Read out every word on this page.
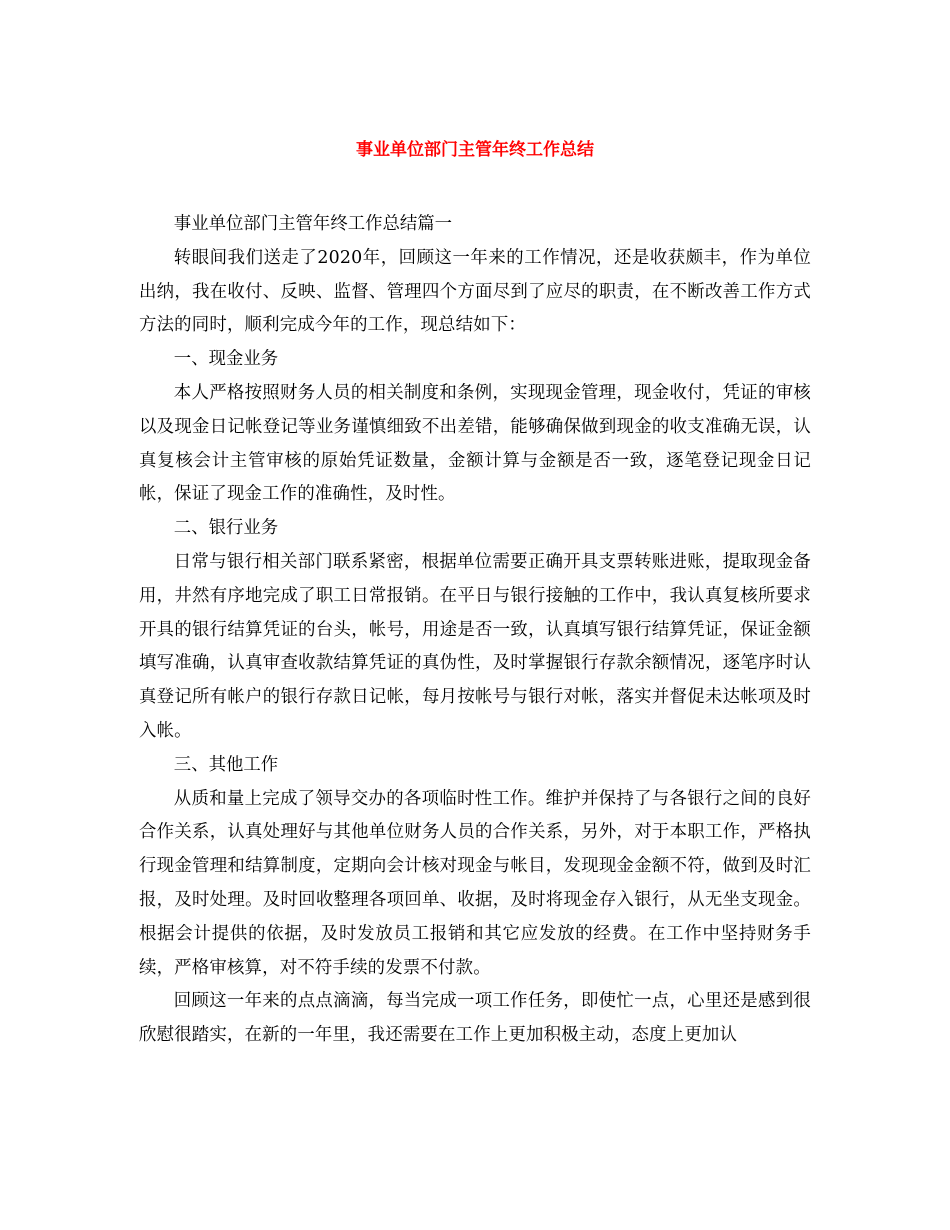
事业单位部门主管年终工作总结

事业单位部门主管年终工作总结篇一

转眼间我们送走了2020年，回顾这一年来的工作情况，还是收获颇丰，作为单位出纳，我在收付、反映、监督、管理四个方面尽到了应尽的职责，在不断改善工作方式方法的同时，顺利完成今年的工作，现总结如下：

一、现金业务

本人严格按照财务人员的相关制度和条例，实现现金管理，现金收付，凭证的审核以及现金日记帐登记等业务谨慎细致不出差错，能够确保做到现金的收支准确无误，认真复核会计主管审核的原始凭证数量，金额计算与金额是否一致，逐笔登记现金日记帐，保证了现金工作的准确性，及时性。

二、银行业务

日常与银行相关部门联系紧密，根据单位需要正确开具支票转账进账，提取现金备用，井然有序地完成了职工日常报销。在平日与银行接触的工作中，我认真复核所要求开具的银行结算凭证的台头，帐号，用途是否一致，认真填写银行结算凭证，保证金额填写准确，认真审查收款结算凭证的真伪性，及时掌握银行存款余额情况，逐笔序时认真登记所有帐户的银行存款日记帐，每月按帐号与银行对帐，落实并督促未达帐项及时入帐。

三、其他工作

从质和量上完成了领导交办的各项临时性工作。维护并保持了与各银行之间的良好合作关系，认真处理好与其他单位财务人员的合作关系，另外，对于本职工作，严格执行现金管理和结算制度，定期向会计核对现金与帐目，发现现金金额不符，做到及时汇报，及时处理。及时回收整理各项回单、收据，及时将现金存入银行，从无坐支现金。根据会计提供的依据，及时发放员工报销和其它应发放的经费。在工作中坚持财务手续，严格审核算，对不符手续的发票不付款。

回顾这一年来的点点滴滴，每当完成一项工作任务，即使忙一点，心里还是感到很欣慰很踏实，在新的一年里，我还需要在工作上更加积极主动，态度上更加认
